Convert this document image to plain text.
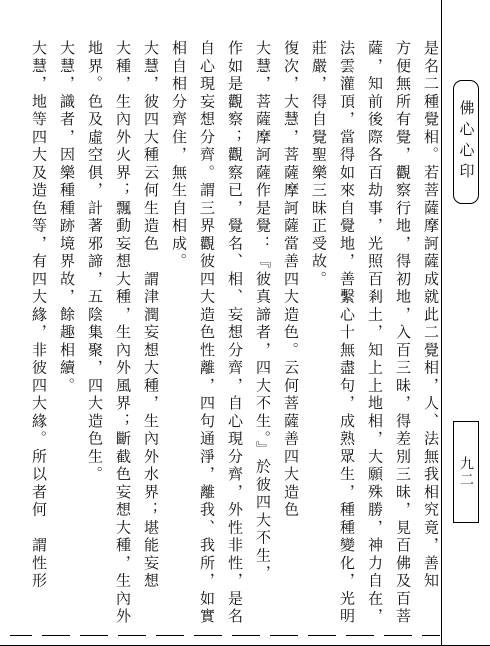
佛心心印
九二
是名二種覺相。若菩薩摩訶薩成就此二覺相，人、法無我相究竟，善知
方便無所有覺，觀察行地，得初地，入百三昧，得差別三昧，見百佛及百菩
薩，知前後際各百劫事，光照百剎土，知上上地相，大願殊勝，神力自在，
法雲灌頂，當得如來自覺地，善繫心十無盡句，成熟眾生，種種變化，光明
莊嚴，得自覺聖樂三昧正受故。
復次，大慧，菩薩摩訶薩當善四大造色。云何菩薩善四大造色
大慧，菩薩摩訶薩作是覺：『彼真諦者，四大不生。』於彼四大不生，
作如是觀察；觀察已，覺名、相、妄想分齊，自心現分齊，外性非性，是名
自心現妄想分齊。謂三界觀彼四大造色性離，四句通淨，離我、我所，如實
相自相分齊住，無生自相成。
大慧，彼四大種云何生造色　謂津潤妄想大種，生內外水界；堪能妄想
大種，生內外火界；飄動妄想大種，生內外風界；斷截色妄想大種，生內外
地界。色及虛空俱，計著邪諦，五陰集聚，四大造色生。
大慧，識者，因樂種種跡境界故，餘趣相續。
大慧，地等四大及造色等，有四大緣，非彼四大緣。所以者何　謂性形
